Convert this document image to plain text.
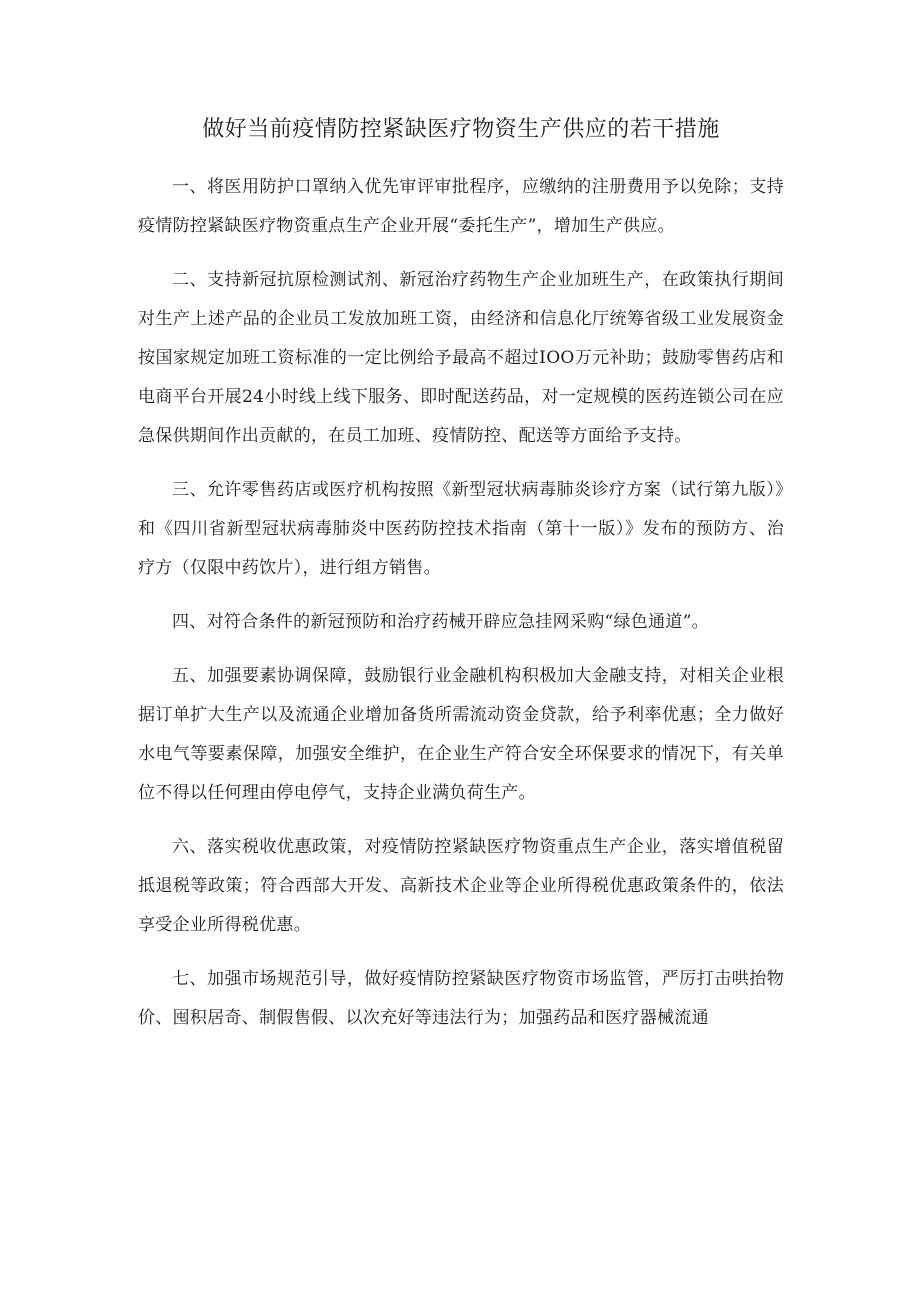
做好当前疫情防控紧缺医疗物资生产供应的若干措施

一、将医用防护口罩纳入优先审评审批程序，应缴纳的注册费用予以免除；支持疫情防控紧缺医疗物资重点生产企业开展“委托生产”，增加生产供应。

二、支持新冠抗原检测试剂、新冠治疗药物生产企业加班生产，在政策执行期间对生产上述产品的企业员工发放加班工资，由经济和信息化厅统筹省级工业发展资金按国家规定加班工资标准的一定比例给予最高不超过IOO万元补助；鼓励零售药店和电商平台开展24小时线上线下服务、即时配送药品，对一定规模的医药连锁公司在应急保供期间作出贡献的，在员工加班、疫情防控、配送等方面给予支持。

三、允许零售药店或医疗机构按照《新型冠状病毒肺炎诊疗方案（试行第九版）》和《四川省新型冠状病毒肺炎中医药防控技术指南（第十一版）》发布的预防方、治疗方（仅限中药饮片），进行组方销售。

四、对符合条件的新冠预防和治疗药械开辟应急挂网采购“绿色通道”。

五、加强要素协调保障，鼓励银行业金融机构积极加大金融支持，对相关企业根据订单扩大生产以及流通企业增加备货所需流动资金贷款，给予利率优惠；全力做好水电气等要素保障，加强安全维护，在企业生产符合安全环保要求的情况下，有关单位不得以任何理由停电停气，支持企业满负荷生产。

六、落实税收优惠政策，对疫情防控紧缺医疗物资重点生产企业，落实增值税留抵退税等政策；符合西部大开发、高新技术企业等企业所得税优惠政策条件的，依法享受企业所得税优惠。

七、加强市场规范引导，做好疫情防控紧缺医疗物资市场监管，严厉打击哄抬物价、囤积居奇、制假售假、以次充好等违法行为；加强药品和医疗器械流通
